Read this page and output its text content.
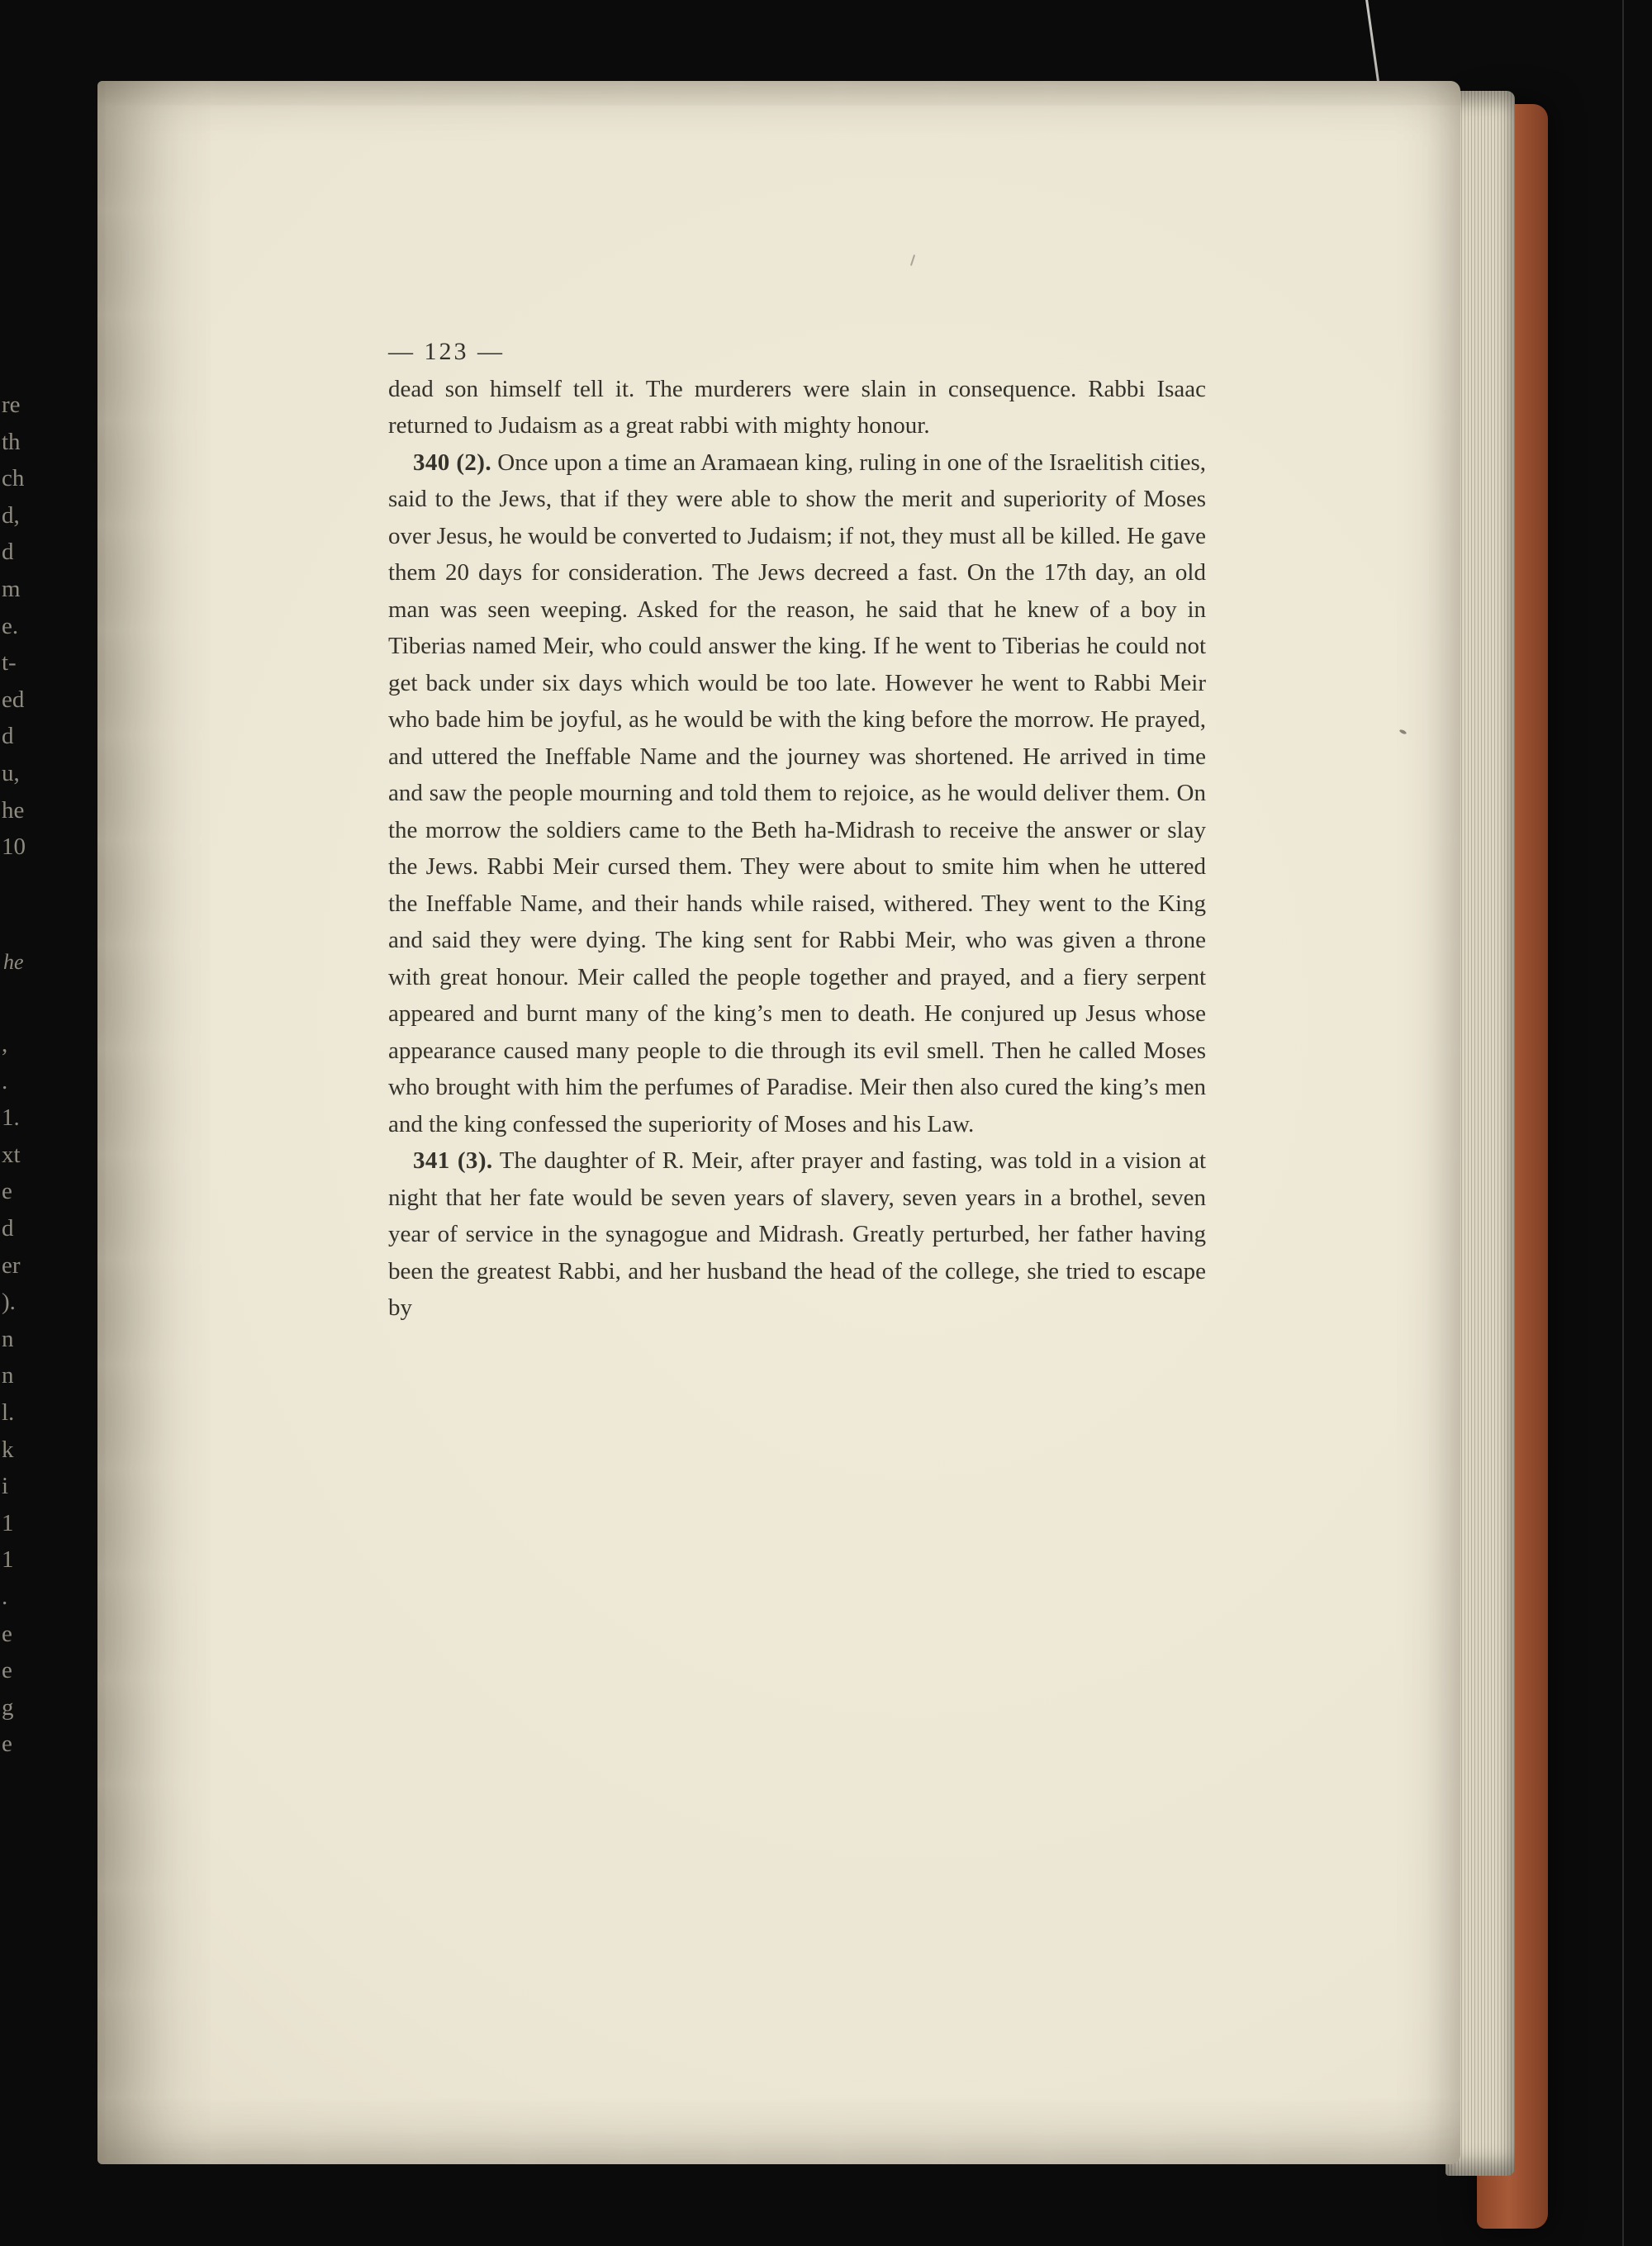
re
th
ch
d,
d
m
e.
t-
ed
d
u,
he
10
he
,
.
1.
xt
e
d
er
).
n
n
l.
k
i
1
1
.
e
e
g
e

— 123 —

dead son himself tell it. The murderers were slain in consequence. Rabbi Isaac returned to Judaism as a great rabbi with mighty honour.

340 (2). Once upon a time an Aramaean king, ruling in one of the Israelitish cities, said to the Jews, that if they were able to show the merit and superiority of Moses over Jesus, he would be converted to Judaism; if not, they must all be killed. He gave them 20 days for consideration. The Jews decreed a fast. On the 17th day, an old man was seen weeping. Asked for the reason, he said that he knew of a boy in Tiberias named Meir, who could answer the king. If he went to Tiberias he could not get back under six days which would be too late. However he went to Rabbi Meir who bade him be joyful, as he would be with the king before the morrow. He prayed, and uttered the Ineffable Name and the journey was shortened. He arrived in time and saw the people mourning and told them to rejoice, as he would deliver them. On the morrow the soldiers came to the Beth ha-Midrash to receive the answer or slay the Jews. Rabbi Meir cursed them. They were about to smite him when he uttered the Ineffable Name, and their hands while raised, withered. They went to the King and said they were dying. The king sent for Rabbi Meir, who was given a throne with great honour. Meir called the people together and prayed, and a fiery serpent appeared and burnt many of the king’s men to death. He conjured up Jesus whose appearance caused many people to die through its evil smell. Then he called Moses who brought with him the perfumes of Paradise. Meir then also cured the king’s men and the king confessed the superiority of Moses and his Law.

341 (3). The daughter of R. Meir, after prayer and fasting, was told in a vision at night that her fate would be seven years of slavery, seven years in a brothel, seven year of service in the synagogue and Midrash. Greatly perturbed, her father having been the greatest Rabbi, and her husband the head of the college, she tried to escape by
